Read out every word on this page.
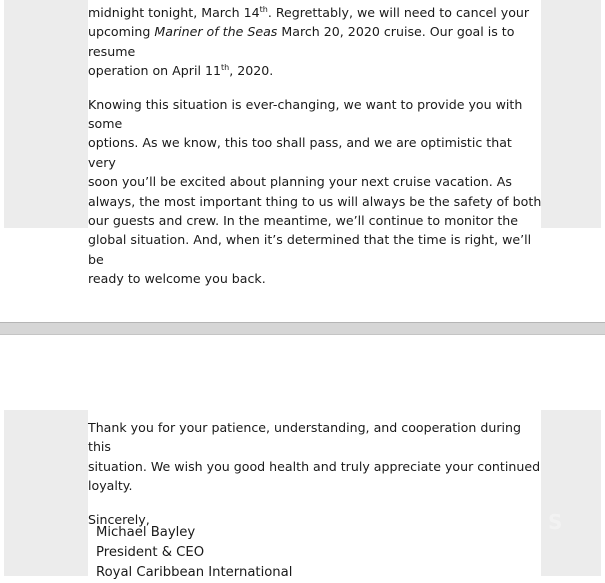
midnight tonight, March 14th. Regrettably, we will need to cancel your
upcoming Mariner of the Seas March 20, 2020 cruise. Our goal is to resume
operation on April 11th, 2020.

Knowing this situation is ever-changing, we want to provide you with some
options. As we know, this too shall pass, and we are optimistic that very
soon you’ll be excited about planning your next cruise vacation. As
always, the most important thing to us will always be the safety of both
our guests and crew. In the meantime, we’ll continue to monitor the
global situation. And, when it’s determined that the time is right, we’ll be
ready to welcome you back.

S

Thank you for your patience, understanding, and cooperation during this
situation. We wish you good health and truly appreciate your continued
loyalty.

Sincerely,

Michael Bayley
President & CEO
Royal Caribbean International
